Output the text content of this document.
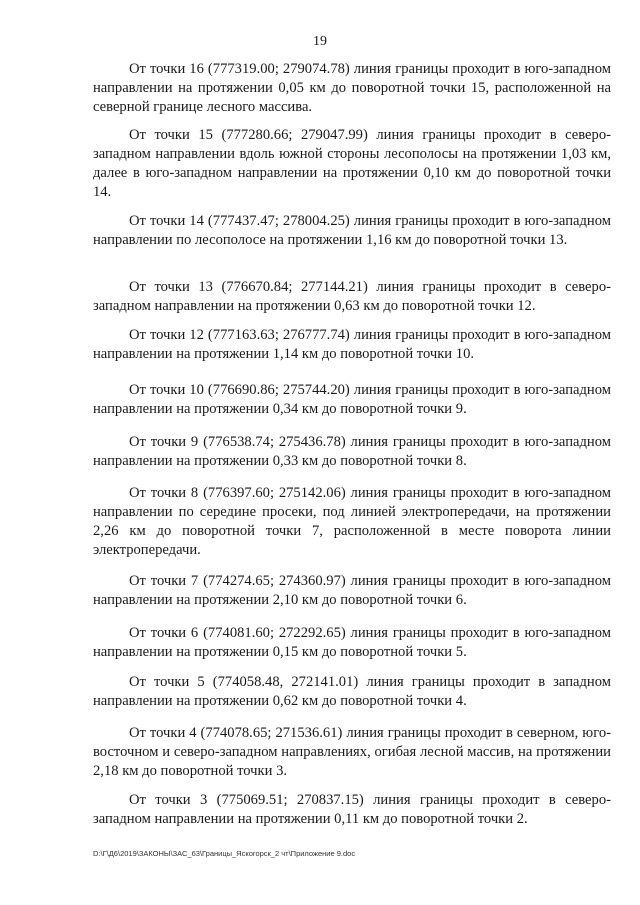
19

От точки 16 (777319.00; 279074.78) линия границы проходит в юго-западном направлении на протяжении 0,05 км до поворотной точки 15, расположенной на северной границе лесного массива.

От точки 15 (777280.66; 279047.99) линия границы проходит в северо-западном направлении вдоль южной стороны лесополосы на протяжении 1,03 км, далее в юго-западном направлении на протяжении 0,10 км до поворотной точки 14.

От точки 14 (777437.47; 278004.25) линия границы проходит в юго-западном направлении по лесополосе на протяжении 1,16 км до поворотной точки 13.

От точки 13 (776670.84; 277144.21) линия границы проходит в северо-западном направлении на протяжении 0,63 км до поворотной точки 12.

От точки 12 (777163.63; 276777.74) линия границы проходит в юго-западном направлении на протяжении 1,14 км до поворотной точки 10.

От точки 10 (776690.86; 275744.20) линия границы проходит в юго-западном направлении на протяжении 0,34 км до поворотной точки 9.

От точки 9 (776538.74; 275436.78) линия границы проходит в юго-западном направлении на протяжении 0,33 км до поворотной точки 8.

От точки 8 (776397.60; 275142.06) линия границы проходит в юго-западном направлении по середине просеки, под линией электропередачи, на протяжении 2,26 км до поворотной точки 7, расположенной в месте поворота линии электропередачи.

От точки 7 (774274.65; 274360.97) линия границы проходит в юго-западном направлении на протяжении 2,10 км до поворотной точки 6.

От точки 6 (774081.60; 272292.65) линия границы проходит в юго-западном направлении на протяжении 0,15 км до поворотной точки 5.

От точки 5 (774058.48, 272141.01) линия границы проходит в западном направлении на протяжении 0,62 км до поворотной точки 4.

От точки 4 (774078.65; 271536.61) линия границы проходит в северном, юго-восточном и северо-западном направлениях, огибая лесной массив, на протяжении 2,18 км до поворотной точки 3.

От точки 3 (775069.51; 270837.15) линия границы проходит в северо-западном направлении на протяжении 0,11 км до поворотной точки 2.

D:\Г\Д6\2019\ЗАКОНЫ\ЗАС_63\Границы_Яскогорск_2 чт\Приложение 9.doc
